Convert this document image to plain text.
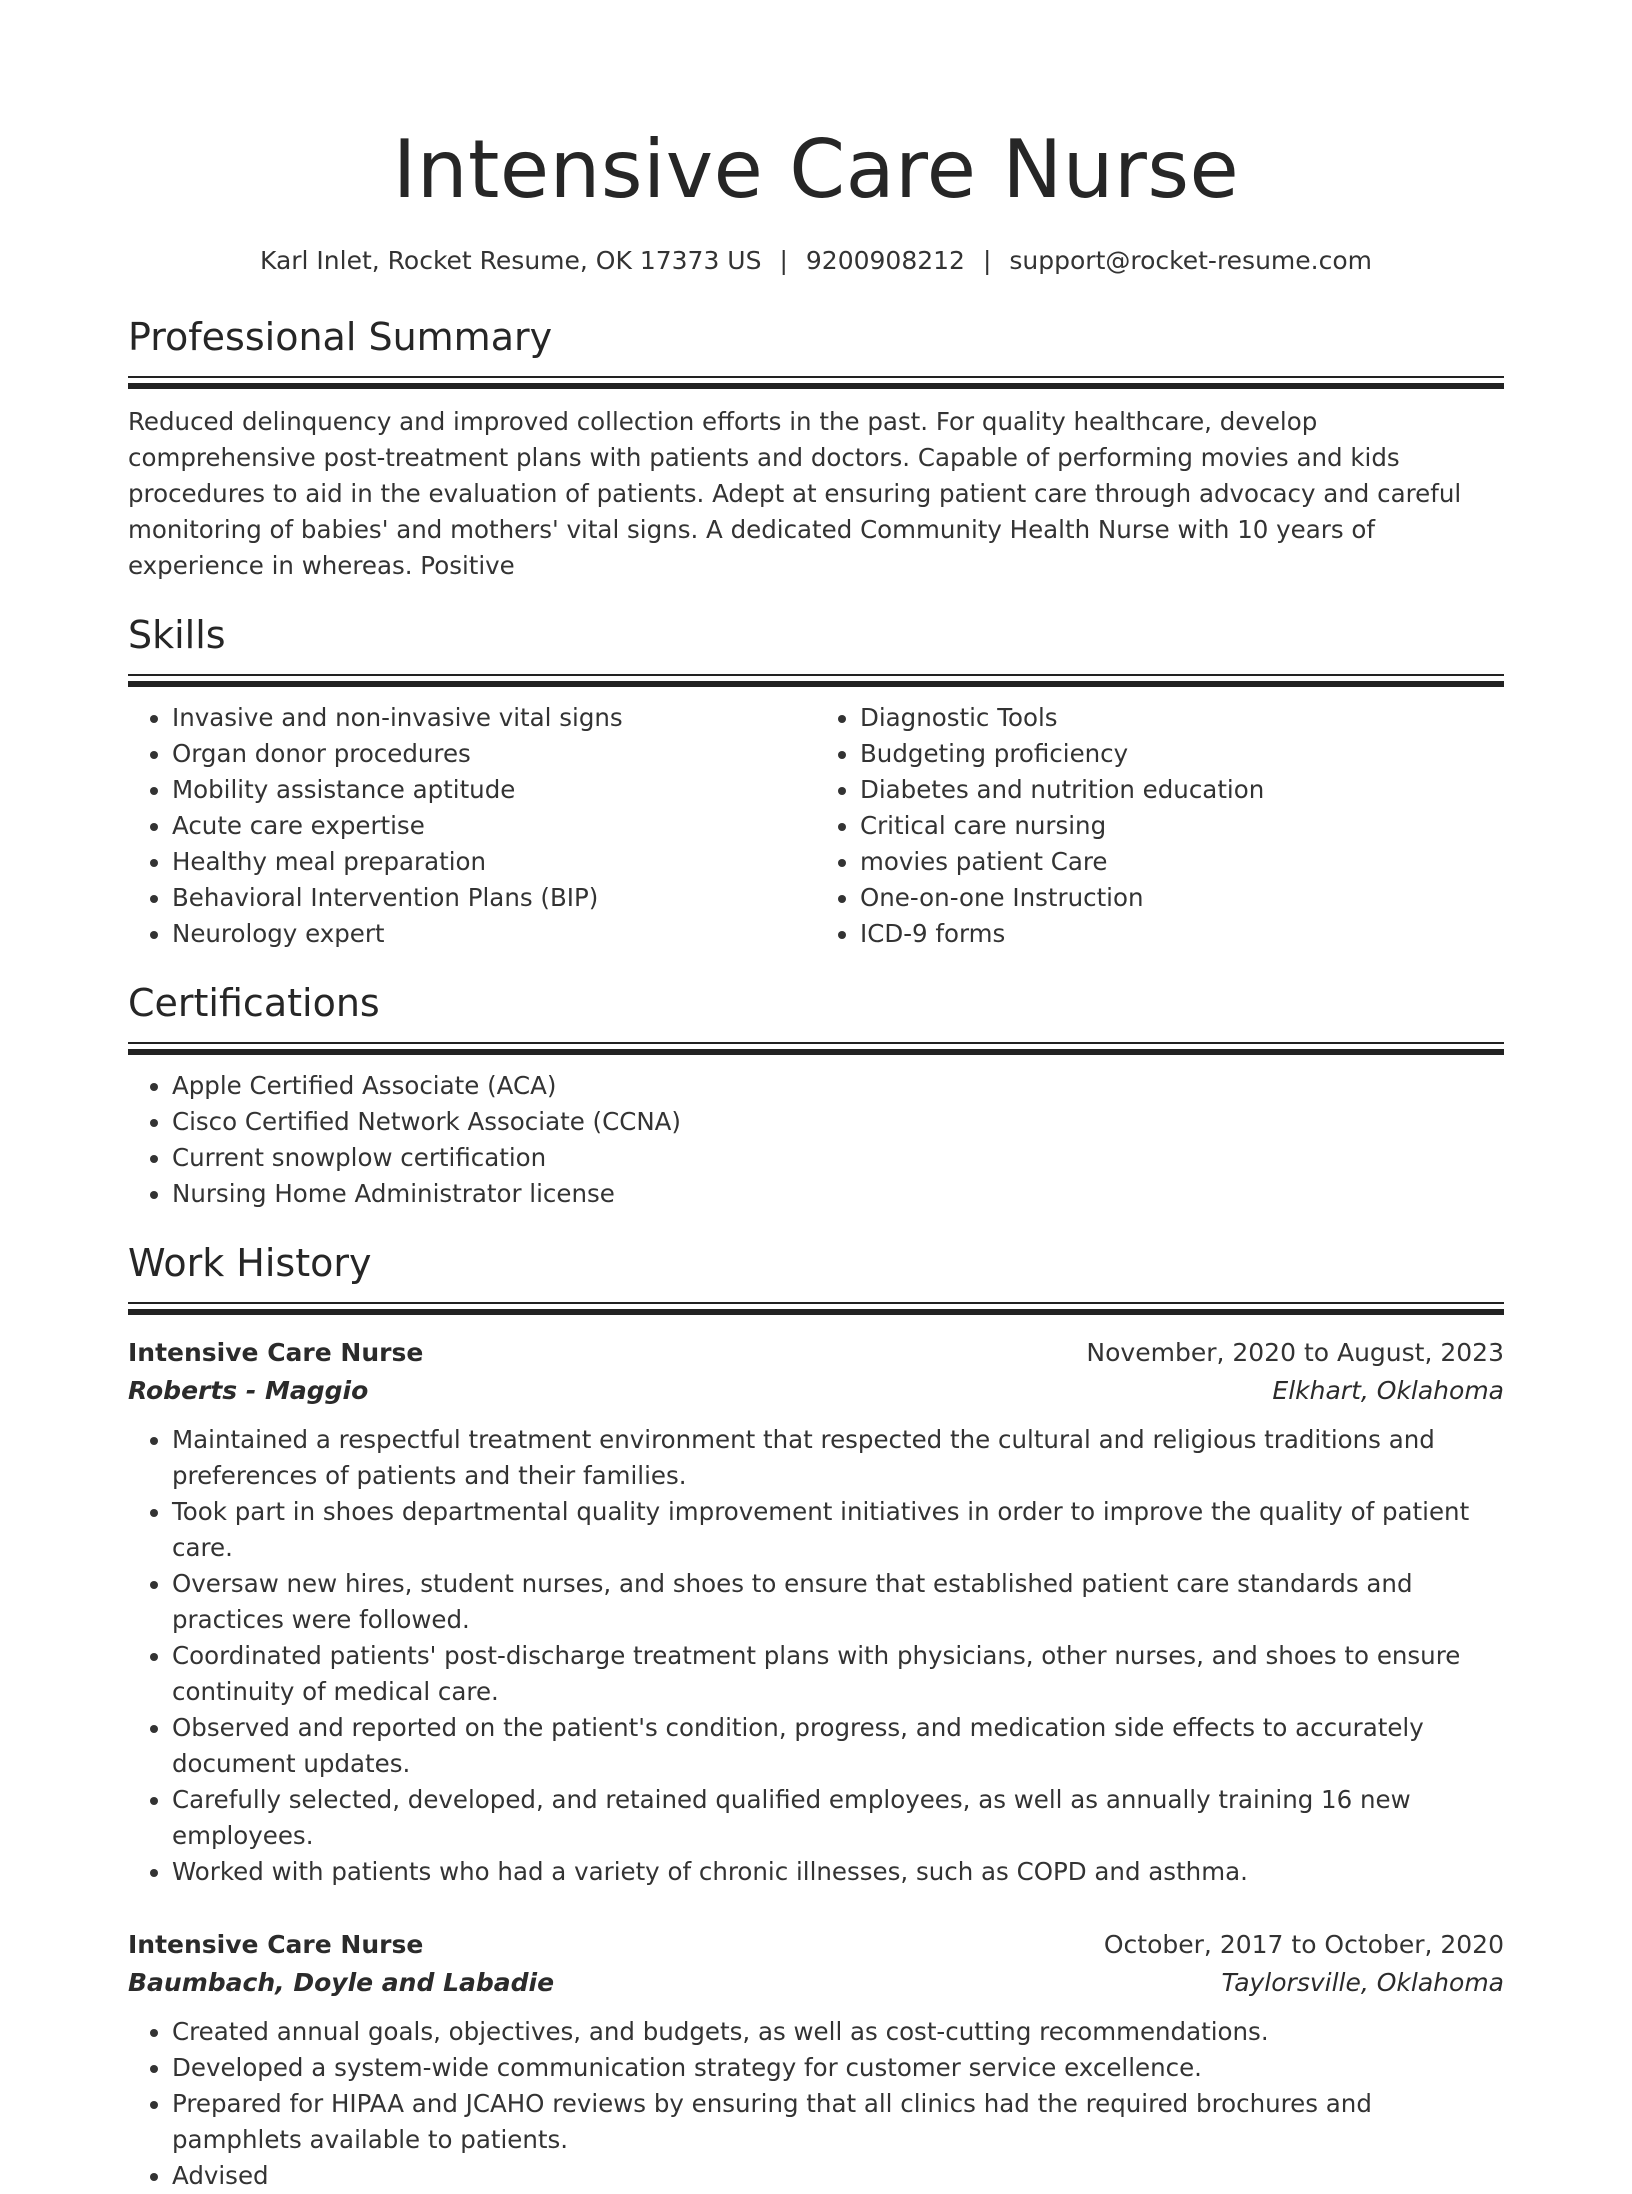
Intensive Care Nurse
Karl Inlet, Rocket Resume, OK 17373 US | 9200908212 | support@rocket-resume.com
Professional Summary
Reduced delinquency and improved collection efforts in the past. For quality healthcare, develop comprehensive post-treatment plans with patients and doctors. Capable of performing movies and kids procedures to aid in the evaluation of patients. Adept at ensuring patient care through advocacy and careful monitoring of babies' and mothers' vital signs. A dedicated Community Health Nurse with 10 years of experience in whereas. Positive
Skills
• Invasive and non-invasive vital signs
• Organ donor procedures
• Mobility assistance aptitude
• Acute care expertise
• Healthy meal preparation
• Behavioral Intervention Plans (BIP)
• Neurology expert
• Diagnostic Tools
• Budgeting proficiency
• Diabetes and nutrition education
• Critical care nursing
• movies patient Care
• One-on-one Instruction
• ICD-9 forms
Certifications
• Apple Certified Associate (ACA)
• Cisco Certified Network Associate (CCNA)
• Current snowplow certification
• Nursing Home Administrator license
Work History
Intensive Care Nurse	November, 2020 to August, 2023
Roberts - Maggio	Elkhart, Oklahoma
• Maintained a respectful treatment environment that respected the cultural and religious traditions and preferences of patients and their families.
• Took part in shoes departmental quality improvement initiatives in order to improve the quality of patient care.
• Oversaw new hires, student nurses, and shoes to ensure that established patient care standards and practices were followed.
• Coordinated patients' post-discharge treatment plans with physicians, other nurses, and shoes to ensure continuity of medical care.
• Observed and reported on the patient's condition, progress, and medication side effects to accurately document updates.
• Carefully selected, developed, and retained qualified employees, as well as annually training 16 new employees.
• Worked with patients who had a variety of chronic illnesses, such as COPD and asthma.
Intensive Care Nurse	October, 2017 to October, 2020
Baumbach, Doyle and Labadie	Taylorsville, Oklahoma
• Created annual goals, objectives, and budgets, as well as cost-cutting recommendations.
• Developed a system-wide communication strategy for customer service excellence.
• Prepared for HIPAA and JCAHO reviews by ensuring that all clinics had the required brochures and pamphlets available to patients.
• Advised
